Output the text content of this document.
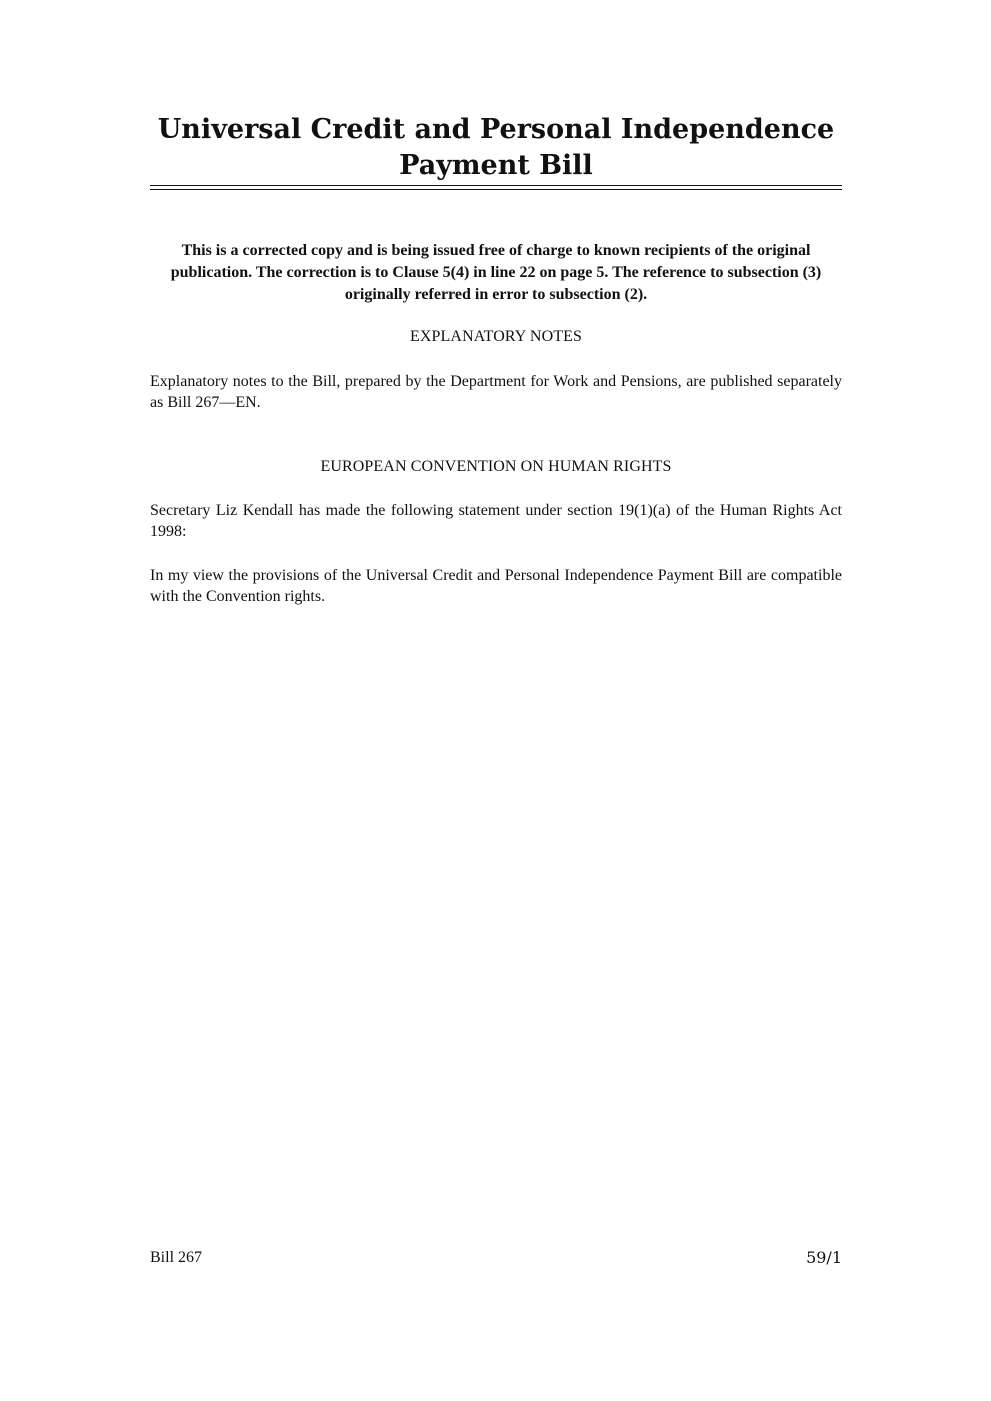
Universal Credit and Personal Independence
Payment Bill

This is a corrected copy and is being issued free of charge to known recipients of the original publication. The correction is to Clause 5(4) in line 22 on page 5. The reference to subsection (3) originally referred in error to subsection (2).

EXPLANATORY NOTES

Explanatory notes to the Bill, prepared by the Department for Work and Pensions, are published separately as Bill 267—EN.

EUROPEAN CONVENTION ON HUMAN RIGHTS

Secretary Liz Kendall has made the following statement under section 19(1)(a) of the Human Rights Act 1998:

In my view the provisions of the Universal Credit and Personal Independence Payment Bill are compatible with the Convention rights.

Bill 267	59/1
